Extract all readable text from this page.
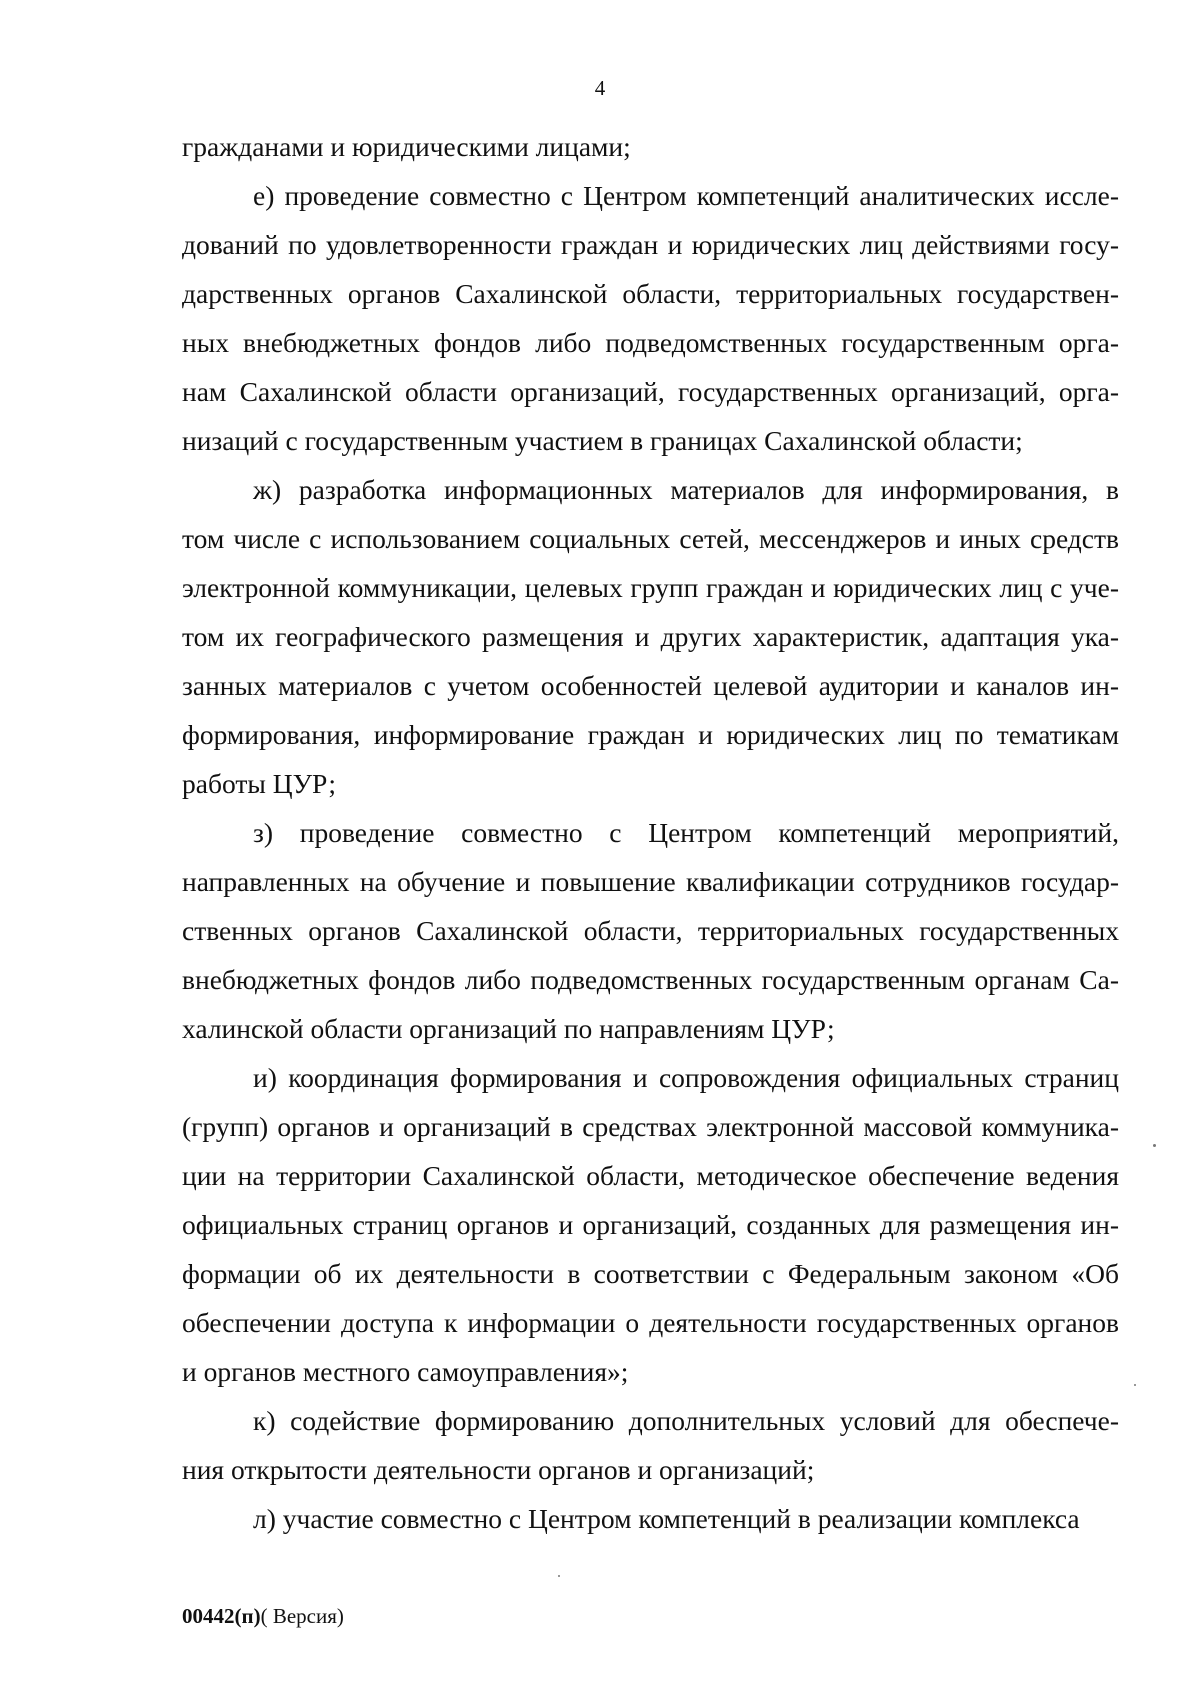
4
гражданами и юридическими лицами;
е) проведение совместно с Центром компетенций аналитических иссле-
дований по удовлетворенности граждан и юридических лиц действиями госу-
дарственных органов Сахалинской области, территориальных государствен-
ных внебюджетных фондов либо подведомственных государственным орга-
нам Сахалинской области организаций, государственных организаций, орга-
низаций с государственным участием в границах Сахалинской области;
ж) разработка информационных материалов для информирования, в
том числе с использованием социальных сетей, мессенджеров и иных средств
электронной коммуникации, целевых групп граждан и юридических лиц с уче-
том их географического размещения и других характеристик, адаптация ука-
занных материалов с учетом особенностей целевой аудитории и каналов ин-
формирования, информирование граждан и юридических лиц по тематикам
работы ЦУР;
з) проведение совместно с Центром компетенций мероприятий,
направленных на обучение и повышение квалификации сотрудников государ-
ственных органов Сахалинской области, территориальных государственных
внебюджетных фондов либо подведомственных государственным органам Са-
халинской области организаций по направлениям ЦУР;
и) координация формирования и сопровождения официальных страниц
(групп) органов и организаций в средствах электронной массовой коммуника-
ции на территории Сахалинской области, методическое обеспечение ведения
официальных страниц органов и организаций, созданных для размещения ин-
формации об их деятельности в соответствии с Федеральным законом «Об
обеспечении доступа к информации о деятельности государственных органов
и органов местного самоуправления»;
к) содействие формированию дополнительных условий для обеспече-
ния открытости деятельности органов и организаций;
л) участие совместно с Центром компетенций в реализации комплекса
00442(п)( Версия)
